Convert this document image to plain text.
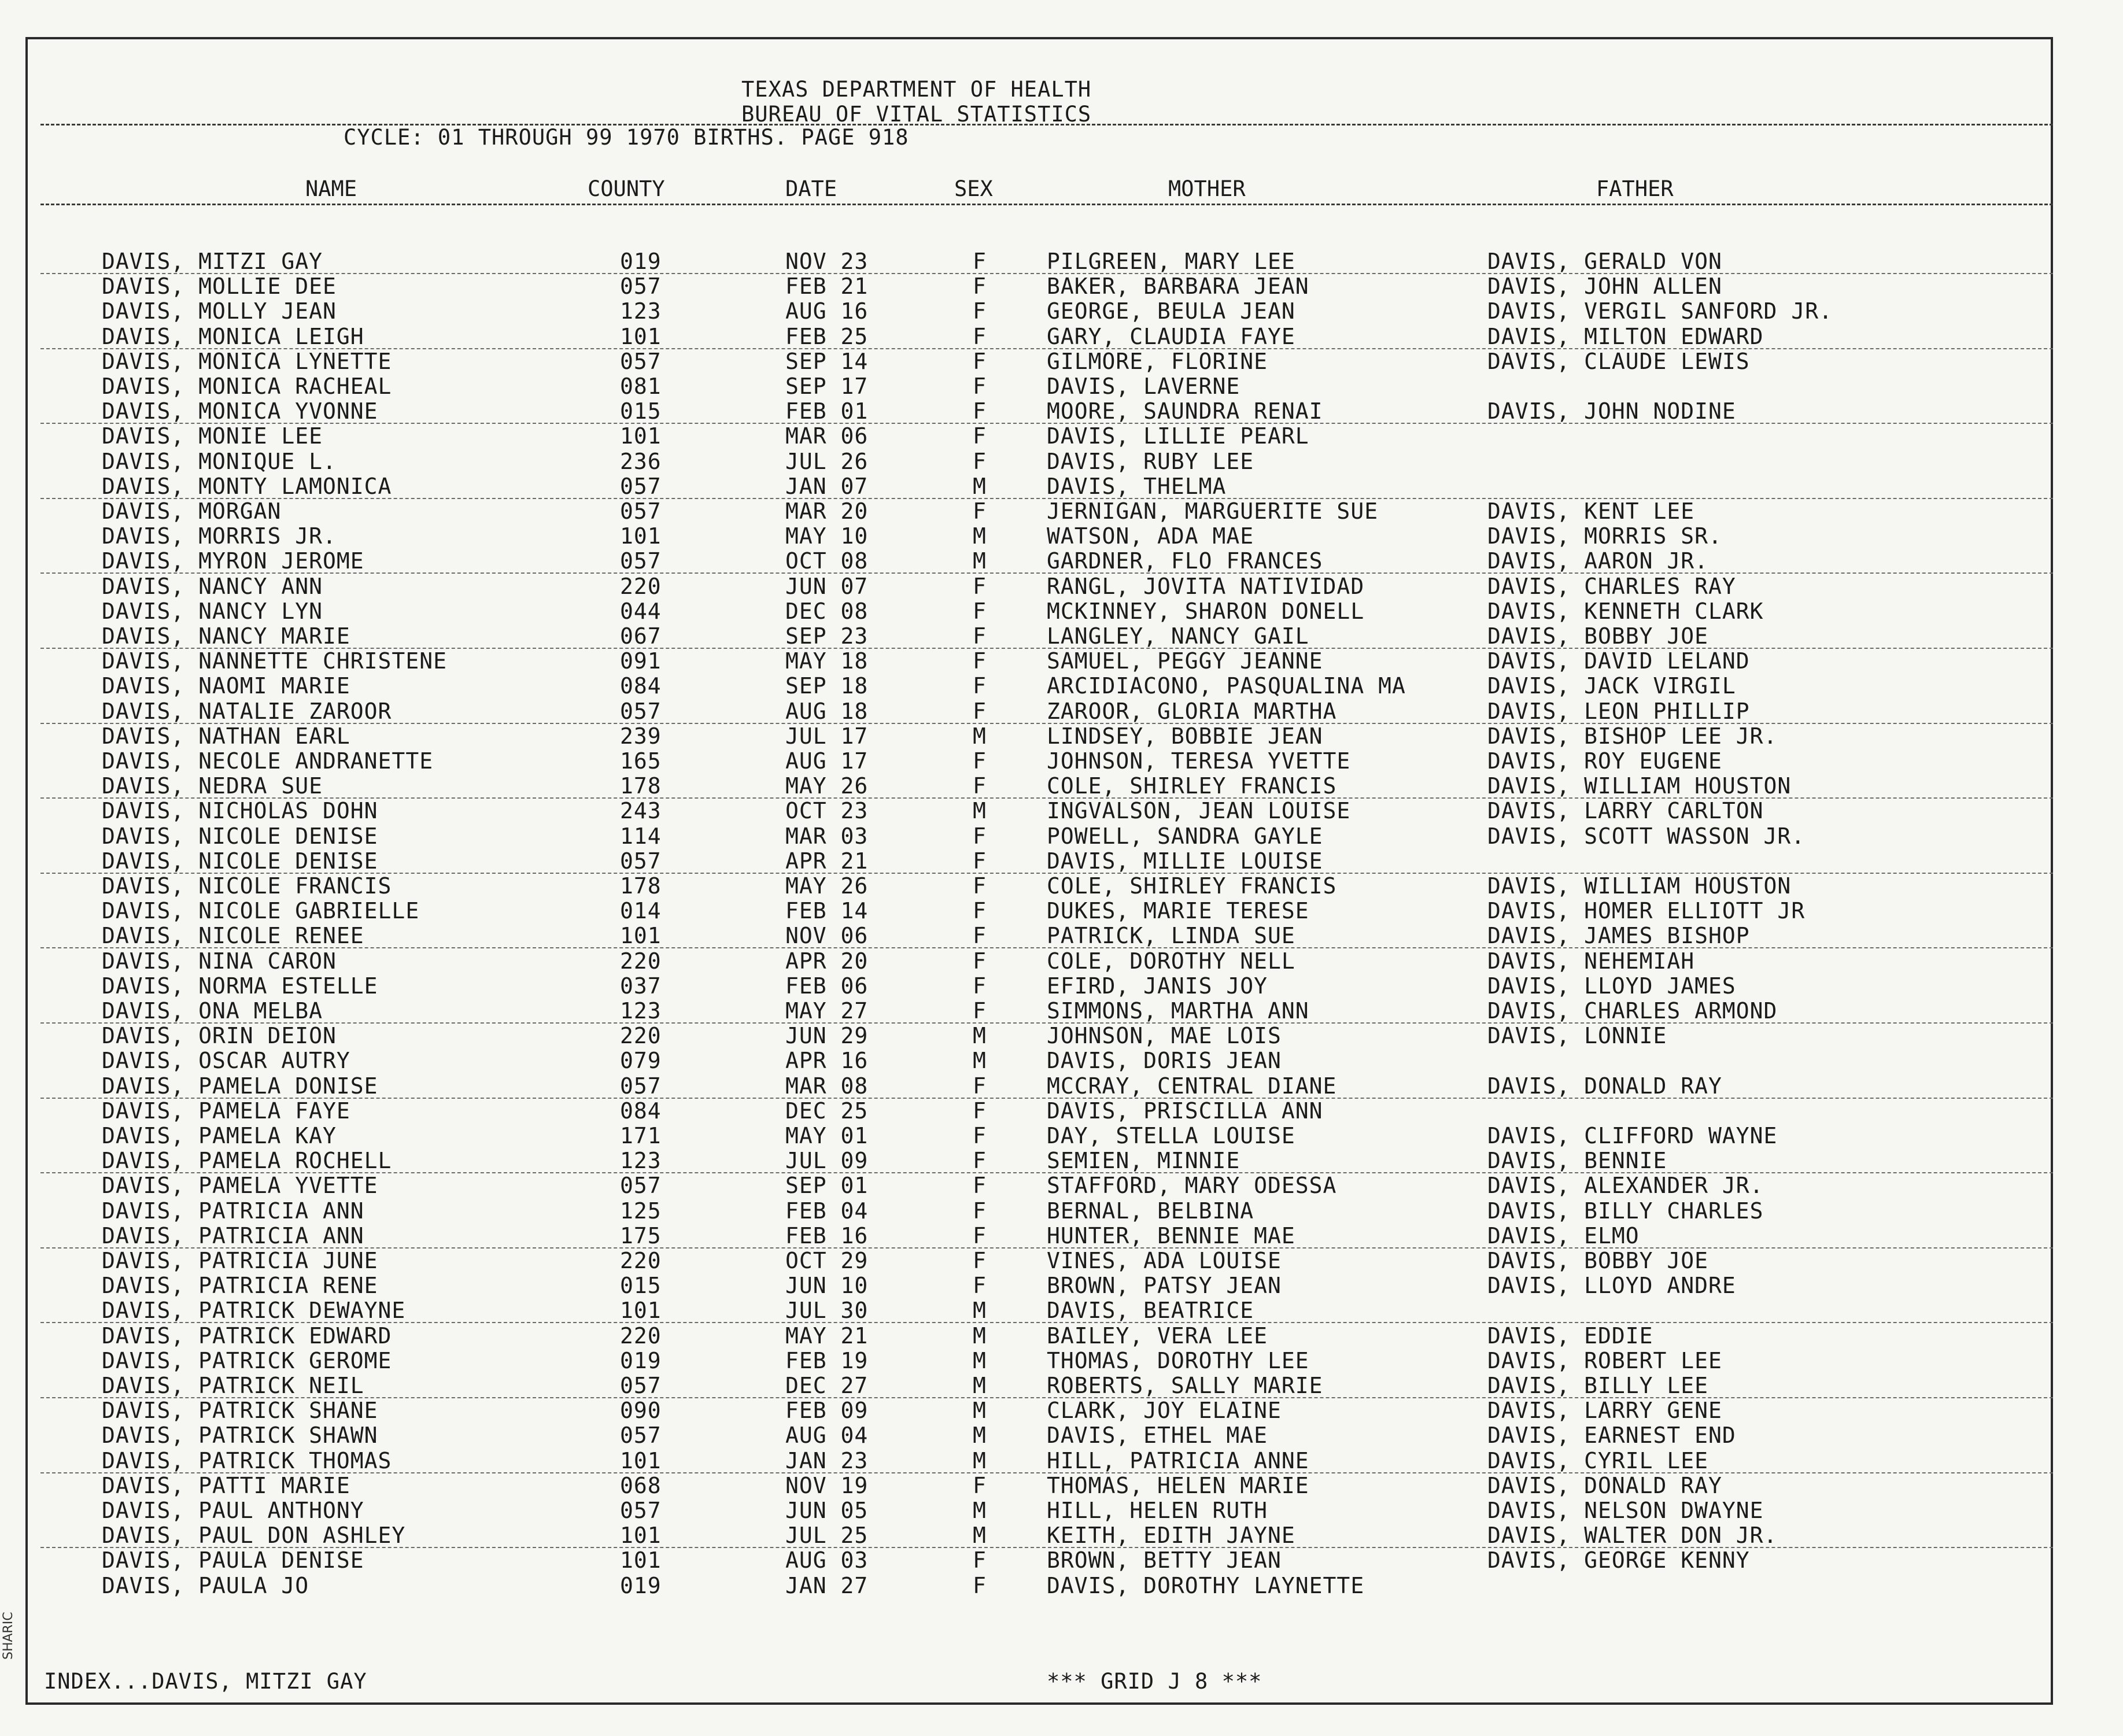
SHARIC
TEXAS DEPARTMENT OF HEALTH
BUREAU OF VITAL STATISTICS
CYCLE: 01 THROUGH 99 1970 BIRTHS. PAGE 918
NAME	COUNTY	DATE	SEX	MOTHER	FATHER
DAVIS, MITZI GAY	019	NOV 23	F	PILGREEN, MARY LEE	DAVIS, GERALD VON
DAVIS, MOLLIE DEE	057	FEB 21	F	BAKER, BARBARA JEAN	DAVIS, JOHN ALLEN
DAVIS, MOLLY JEAN	123	AUG 16	F	GEORGE, BEULA JEAN	DAVIS, VERGIL SANFORD JR.
DAVIS, MONICA LEIGH	101	FEB 25	F	GARY, CLAUDIA FAYE	DAVIS, MILTON EDWARD
DAVIS, MONICA LYNETTE	057	SEP 14	F	GILMORE, FLORINE	DAVIS, CLAUDE LEWIS
DAVIS, MONICA RACHEAL	081	SEP 17	F	DAVIS, LAVERNE
DAVIS, MONICA YVONNE	015	FEB 01	F	MOORE, SAUNDRA RENAI	DAVIS, JOHN NODINE
DAVIS, MONIE LEE	101	MAR 06	F	DAVIS, LILLIE PEARL
DAVIS, MONIQUE L.	236	JUL 26	F	DAVIS, RUBY LEE
DAVIS, MONTY LAMONICA	057	JAN 07	M	DAVIS, THELMA
DAVIS, MORGAN	057	MAR 20	F	JERNIGAN, MARGUERITE SUE	DAVIS, KENT LEE
DAVIS, MORRIS JR.	101	MAY 10	M	WATSON, ADA MAE	DAVIS, MORRIS SR.
DAVIS, MYRON JEROME	057	OCT 08	M	GARDNER, FLO FRANCES	DAVIS, AARON JR.
DAVIS, NANCY ANN	220	JUN 07	F	RANGL, JOVITA NATIVIDAD	DAVIS, CHARLES RAY
DAVIS, NANCY LYN	044	DEC 08	F	MCKINNEY, SHARON DONELL	DAVIS, KENNETH CLARK
DAVIS, NANCY MARIE	067	SEP 23	F	LANGLEY, NANCY GAIL	DAVIS, BOBBY JOE
DAVIS, NANNETTE CHRISTENE	091	MAY 18	F	SAMUEL, PEGGY JEANNE	DAVIS, DAVID LELAND
DAVIS, NAOMI MARIE	084	SEP 18	F	ARCIDIACONO, PASQUALINA MA	DAVIS, JACK VIRGIL
DAVIS, NATALIE ZAROOR	057	AUG 18	F	ZAROOR, GLORIA MARTHA	DAVIS, LEON PHILLIP
DAVIS, NATHAN EARL	239	JUL 17	M	LINDSEY, BOBBIE JEAN	DAVIS, BISHOP LEE JR.
DAVIS, NECOLE ANDRANETTE	165	AUG 17	F	JOHNSON, TERESA YVETTE	DAVIS, ROY EUGENE
DAVIS, NEDRA SUE	178	MAY 26	F	COLE, SHIRLEY FRANCIS	DAVIS, WILLIAM HOUSTON
DAVIS, NICHOLAS DOHN	243	OCT 23	M	INGVALSON, JEAN LOUISE	DAVIS, LARRY CARLTON
DAVIS, NICOLE DENISE	114	MAR 03	F	POWELL, SANDRA GAYLE	DAVIS, SCOTT WASSON JR.
DAVIS, NICOLE DENISE	057	APR 21	F	DAVIS, MILLIE LOUISE
DAVIS, NICOLE FRANCIS	178	MAY 26	F	COLE, SHIRLEY FRANCIS	DAVIS, WILLIAM HOUSTON
DAVIS, NICOLE GABRIELLE	014	FEB 14	F	DUKES, MARIE TERESE	DAVIS, HOMER ELLIOTT JR
DAVIS, NICOLE RENEE	101	NOV 06	F	PATRICK, LINDA SUE	DAVIS, JAMES BISHOP
DAVIS, NINA CARON	220	APR 20	F	COLE, DOROTHY NELL	DAVIS, NEHEMIAH
DAVIS, NORMA ESTELLE	037	FEB 06	F	EFIRD, JANIS JOY	DAVIS, LLOYD JAMES
DAVIS, ONA MELBA	123	MAY 27	F	SIMMONS, MARTHA ANN	DAVIS, CHARLES ARMOND
DAVIS, ORIN DEION	220	JUN 29	M	JOHNSON, MAE LOIS	DAVIS, LONNIE
DAVIS, OSCAR AUTRY	079	APR 16	M	DAVIS, DORIS JEAN
DAVIS, PAMELA DONISE	057	MAR 08	F	MCCRAY, CENTRAL DIANE	DAVIS, DONALD RAY
DAVIS, PAMELA FAYE	084	DEC 25	F	DAVIS, PRISCILLA ANN
DAVIS, PAMELA KAY	171	MAY 01	F	DAY, STELLA LOUISE	DAVIS, CLIFFORD WAYNE
DAVIS, PAMELA ROCHELL	123	JUL 09	F	SEMIEN, MINNIE	DAVIS, BENNIE
DAVIS, PAMELA YVETTE	057	SEP 01	F	STAFFORD, MARY ODESSA	DAVIS, ALEXANDER JR.
DAVIS, PATRICIA ANN	125	FEB 04	F	BERNAL, BELBINA	DAVIS, BILLY CHARLES
DAVIS, PATRICIA ANN	175	FEB 16	F	HUNTER, BENNIE MAE	DAVIS, ELMO
DAVIS, PATRICIA JUNE	220	OCT 29	F	VINES, ADA LOUISE	DAVIS, BOBBY JOE
DAVIS, PATRICIA RENE	015	JUN 10	F	BROWN, PATSY JEAN	DAVIS, LLOYD ANDRE
DAVIS, PATRICK DEWAYNE	101	JUL 30	M	DAVIS, BEATRICE
DAVIS, PATRICK EDWARD	220	MAY 21	M	BAILEY, VERA LEE	DAVIS, EDDIE
DAVIS, PATRICK GEROME	019	FEB 19	M	THOMAS, DOROTHY LEE	DAVIS, ROBERT LEE
DAVIS, PATRICK NEIL	057	DEC 27	M	ROBERTS, SALLY MARIE	DAVIS, BILLY LEE
DAVIS, PATRICK SHANE	090	FEB 09	M	CLARK, JOY ELAINE	DAVIS, LARRY GENE
DAVIS, PATRICK SHAWN	057	AUG 04	M	DAVIS, ETHEL MAE	DAVIS, EARNEST END
DAVIS, PATRICK THOMAS	101	JAN 23	M	HILL, PATRICIA ANNE	DAVIS, CYRIL LEE
DAVIS, PATTI MARIE	068	NOV 19	F	THOMAS, HELEN MARIE	DAVIS, DONALD RAY
DAVIS, PAUL ANTHONY	057	JUN 05	M	HILL, HELEN RUTH	DAVIS, NELSON DWAYNE
DAVIS, PAUL DON ASHLEY	101	JUL 25	M	KEITH, EDITH JAYNE	DAVIS, WALTER DON JR.
DAVIS, PAULA DENISE	101	AUG 03	F	BROWN, BETTY JEAN	DAVIS, GEORGE KENNY
DAVIS, PAULA JO	019	JAN 27	F	DAVIS, DOROTHY LAYNETTE
INDEX...DAVIS, MITZI GAY	*** GRID J 8 ***
